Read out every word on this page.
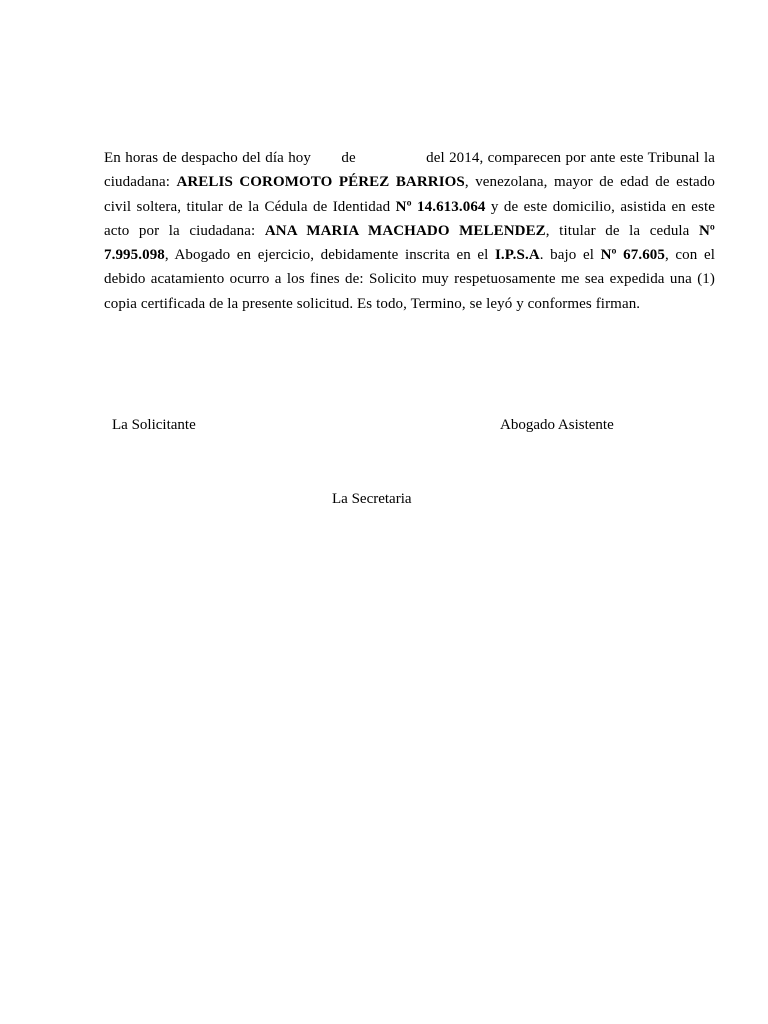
En horas de despacho del día hoy de	del 2014, comparecen por ante este Tribunal la ciudadana: ARELIS COROMOTO PÉREZ BARRIOS, venezolana, mayor de edad de estado civil soltera, titular de la Cédula de Identidad Nº 14.613.064 y de este domicilio, asistida en este acto por la ciudadana: ANA MARIA MACHADO MELENDEZ, titular de la cedula Nº 7.995.098, Abogado en ejercicio, debidamente inscrita en el I.P.S.A. bajo el Nº 67.605, con el debido acatamiento ocurro a los fines de: Solicito muy respetuosamente me sea expedida una (1) copia certificada de la presente solicitud. Es todo, Termino, se leyó y conformes firman.
La Solicitante	Abogado Asistente
La Secretaria
